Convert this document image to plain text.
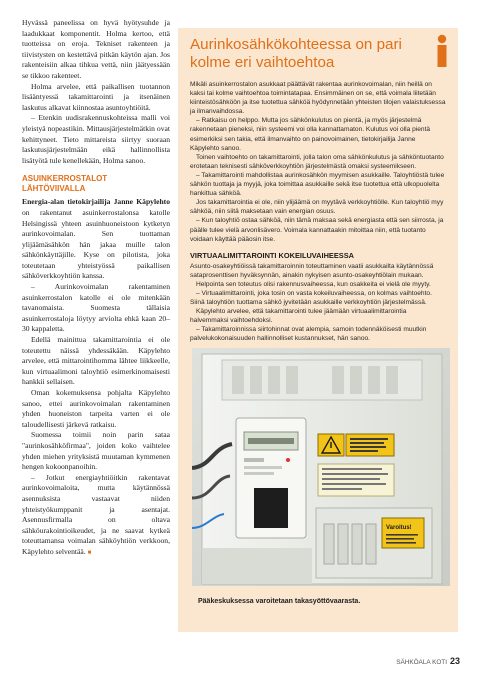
Hyvässä paneelissa on hyvä hyötysuhde ja laadukkaat komponentit. Holma kertoo, että tuotteissa on eroja. Tekniset rakenteen ja tiivistysten on kestettävä pitkän käytön ajan. Jos rakenteisiin alkaa tihkua vettä, niin jäätyessään se tikkoo rakenteet.

Holma arvelee, että paikallisen tuotannon lisääntyessä takamittarointi ja itsenäinen laskutus alkavat kiinnostaa asuntoyhtiöitä.

– Etenkin uudisrakennuskohteissa malli voi yleistyä nopeastikin. Mittausjärjestelmätkin ovat kehittyneet. Tieto mittareista siirtyy suoraan laskutusjärjestelmään eikä hallinnollista lisätyötä tule kenellekään, Holma sanoo.

ASUINKERROSTALOT LÄHTÖVIIVALLA

Energia-alan tietokirjailija Janne Käpylehto on rakentanut asuinkerrostalonsa katolle Helsingissä yhteen asuinhuoneistoon kytketyn aurinkovoimalan. Sen tuottaman ylijäämäsähkön hän jakaa muille talon sähkönkäyttäjille. Kyse on pilotista, joka toteutetaan yhteistyössä paikallisen sähköverkkoyhtiön kanssa.

– Aurinkovoimalan rakentaminen asuinkerrostalon katolle ei ole mitenkään tavanomaista. Suomesta tällaisia asuinkerrostaloja löytyy arviolta ehkä kaan 20–30 kappaletta.

Edellä mainittua takamittarointia ei ole toteutettu näissä yhdessäkään. Käpylehto arvelee, että mittarointihomma lähtee liikkeelle, kun virtuaalimoni taloyhtiö esimerkinomaisesti hankkii sellaisen.

Oman kokemuksensa pohjalta Käpylehto sanoo, ettei aurinkovoimalan rakentaminen yhden huoneiston tarpeita varten ei ole taloudellisesti järkevä ratkaisu.

Suomessa toimii noin parin sataa "aurinkosähköfirmaa", joiden koko vaihtelee yhden miehen yrityksistä muutaman kymmenen hengen kokoonpanoihin.

– Jotkut energiayhtiöitkin rakentavat aurinkovoimaloita, mutta käytännössä asennuksista vastaavat niiden yhteistyökumppanit ja asentajat. Asennusfirmalla on oltava sähköurakointioikeudet, ja ne saavat kytkeä toteuttamansa voimalan sähköyhtiön verkkoon, Käpylehto selventää. ■

Aurinkosähkökohteessa on pari kolme eri vaihtoehtoa

Mikäli asuinkerrostalon asukkaat päättävät rakentaa aurinkovoimalan, niin heillä on kaksi tai kolme vaihtoehtoa toimintatapaa. Ensimmäinen on se, että voimala liitetään kiinteistösähköön ja itse tuotettua sähköä hyödynnetään yhteisten tilojen valaistuksessa ja ilmanvaihdossa.

– Ratkaisu on helppo. Mutta jos sähkönkulutus on pientä, ja myös järjestelmä rakennetaan pieneksi, niin systeemi voi olla kannattamaton. Kulutus voi olla pientä esimerkiksi sen takia, että ilmanvaihto on painovoimainen, tietokirjailija Janne Käpylehto sanoo.

Toinen vaihtoehto on takamittarointi, jolla talon oma sähkönkulutus ja sähköntuotanto erotetaan teknisesti sähköverkkoyhtiön järjestelmästä omaksi systeemikseen.

– Takamittarointi mahdollistaa aurinkosähkön myymisen asukkaille. Taloyhtiöstä tulee sähkön tuottaja ja myyjä, joka toimittaa asukkaille sekä itse tuotettua että ulkopuolelta hankittua sähköä.

Jos takamittarointia ei ole, niin ylijäämä on myytävä verkkoyhtiölle. Kun taloyhtiö myy sähköä, niin siitä maksetaan vain energian osuus.

– Kun taloyhtiö ostaa sähköä, niin tämä maksaa sekä energiasta että sen siirrosta, ja päälle tulee vielä arvonlisävero. Voimala kannattaakin mitoittaa niin, että tuotanto voidaan käyttää pääosin itse.

VIRTUAALIMITTAROINTI KOKEILUVAIHEESSA

Asunto-osakeyhtiöissä takamittaroinnin toteuttaminen vaatii asukkailta käytännössä sataprosenttisen hyväksynnän, ainakin nykyisen asunto-osakeyhtiölain mukaan.

Helpointa sen toteutus olisi rakennusvaiheessa, kun osakkeita ei vielä ole myyty.

– Virtuaalimittarointi, joka tosin on vasta kokeiluvaiheessa, on kolmas vaihtoehto. Siinä taloyhtiön tuottama sähkö jyvitetään asukkaille verkkoyhtiön järjestelmässä.

Käpylehto arvelee, että takamittarointi tulee jäämään virtuaalimittarointia halvemmaksi vaihtoehdoksi.

– Takamittaroinnissa siirtohinnat ovat alempia, samoin todennäköisesti muutkin palvelukokonaisuuden hallinnolliset kustannukset, hän sanoo.

Varoitus!
Pääkeskuksessa varoitetaan takasyöttövaarasta.
SÄHKÖALA KOTI 23
